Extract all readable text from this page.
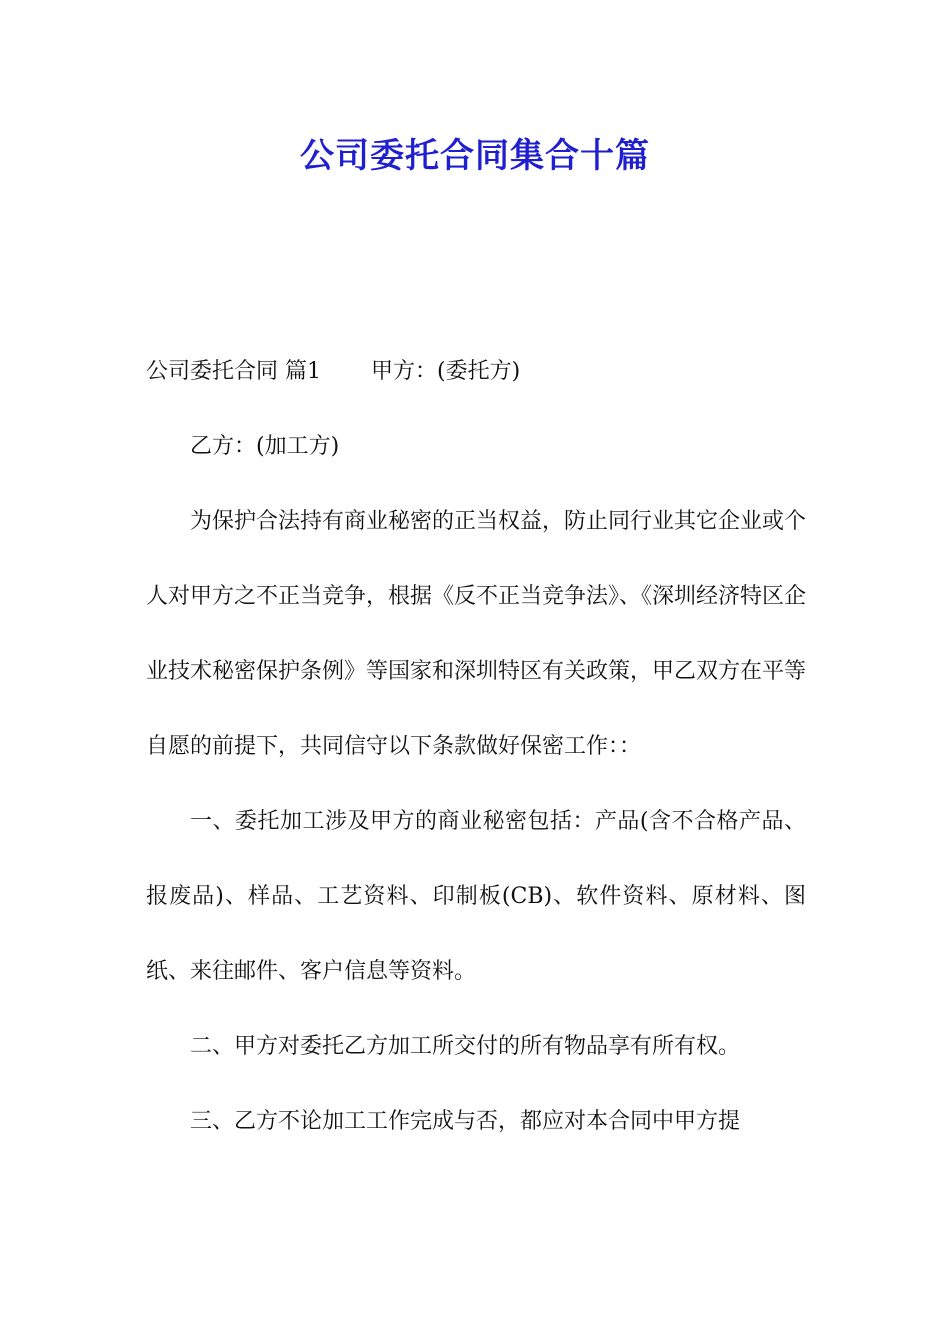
公司委托合同集合十篇

公司委托合同 篇1 甲方：(委托方)

乙方：(加工方)

为保护合法持有商业秘密的正当权益，防止同行业其它企业或个人对甲方之不正当竞争，根据《反不正当竞争法》、《深圳经济特区企业技术秘密保护条例》等国家和深圳特区有关政策，甲乙双方在平等自愿的前提下，共同信守以下条款做好保密工作：：

一、委托加工涉及甲方的商业秘密包括：产品(含不合格产品、报废品)、样品、工艺资料、印制板(CB)、软件资料、原材料、图纸、来往邮件、客户信息等资料。

二、甲方对委托乙方加工所交付的所有物品享有所有权。

三、乙方不论加工工作完成与否，都应对本合同中甲方提
